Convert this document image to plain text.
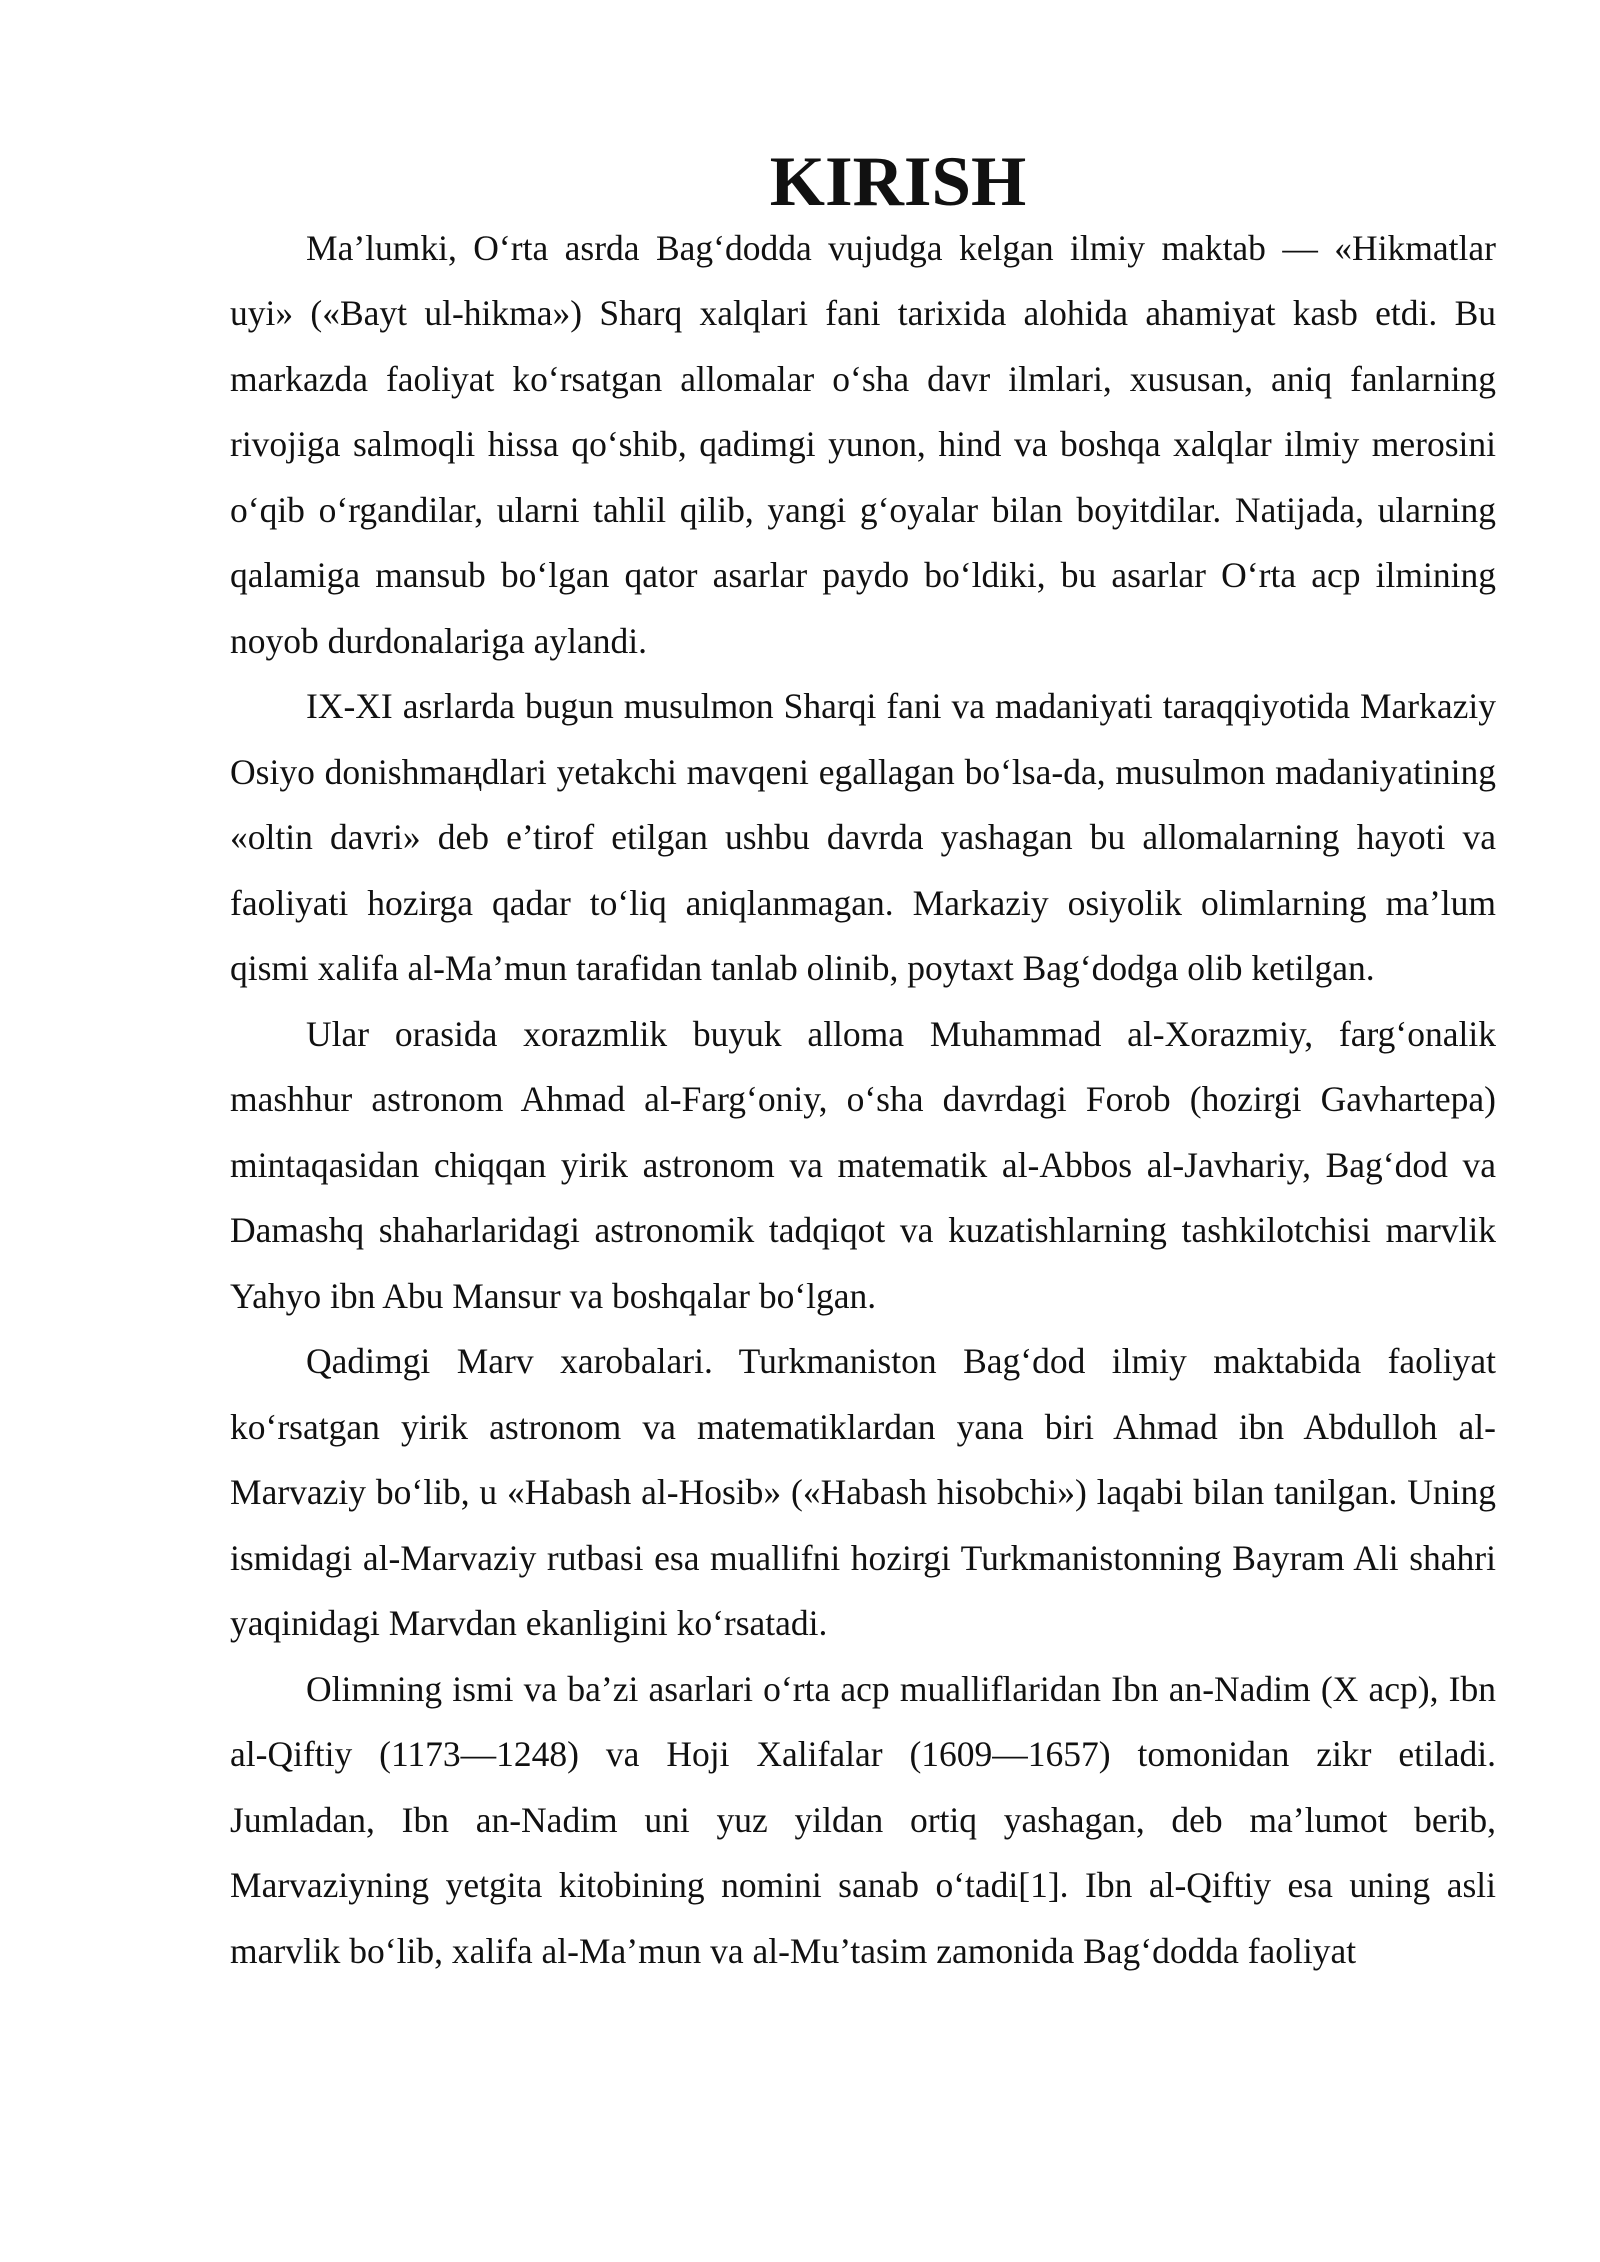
KIRISH

Ma’lumki, O‘rta asrda Bag‘dodda vujudga kelgan ilmiy maktab — «Hikmatlar uyi» («Bayt ul-hikma») Sharq xalqlari fani tarixida alohida ahamiyat kasb etdi. Bu markazda faoliyat ko‘rsatgan allomalar o‘sha davr ilmlari, xususan, aniq fanlarning rivojiga salmoqli hissa qo‘shib, qadimgi yunon, hind va boshqa xalqlar ilmiy merosini o‘qib o‘rgandilar, ularni tahlil qilib, yangi g‘oyalar bilan boyitdilar. Natijada, ularning qalamiga mansub bo‘lgan qator asarlar paydo bo‘ldiki, bu asarlar O‘rta acp ilmining noyob durdonalariga aylandi.

IX-XI asrlarda bugun musulmon Sharqi fani va madaniyati taraqqiyotida Markaziy Osiyo donishmaңdlari yetakchi mavqeni egallagan bo‘lsa-da, musulmon madaniyatining «oltin davri» deb e’tirof etilgan ushbu davrda yashagan bu allomalarning hayoti va faoliyati hozirga qadar to‘liq aniqlanmagan. Markaziy osiyolik olimlarning ma’lum qismi xalifa al-Ma’mun tarafidan tanlab olinib, poytaxt Bag‘dodga olib ketilgan.

Ular orasida xorazmlik buyuk alloma Muhammad al-Xorazmiy, farg‘onalik mashhur astronom Ahmad al-Farg‘oniy, o‘sha davrdagi Forob (hozirgi Gavhartepa) mintaqasidan chiqqan yirik astronom va matematik al-Abbos al-Javhariy, Bag‘dod va Damashq shaharlaridagi astronomik tadqiqot va kuzatishlarning tashkilotchisi marvlik Yahyo ibn Abu Mansur va boshqalar bo‘lgan.

Qadimgi Marv xarobalari. Turkmaniston Bag‘dod ilmiy maktabida faoliyat ko‘rsatgan yirik astronom va matematiklardan yana biri Ahmad ibn Abdulloh al-Marvaziy bo‘lib, u «Habash al-Hosib» («Habash hisobchi») laqabi bilan tanilgan. Uning ismidagi al-Marvaziy rutbasi esa muallifni hozirgi Turkmanistonning Bayram Ali shahri yaqinidagi Marvdan ekanligini ko‘rsatadi.

Olimning ismi va ba’zi asarlari o‘rta acp mualliflaridan Ibn an-Nadim (X acp), Ibn al-Qiftiy (1173—1248) va Hoji Xalifalar (1609—1657) tomonidan zikr etiladi. Jumladan, Ibn an-Nadim uni yuz yildan ortiq yashagan, deb ma’lumot berib, Marvaziyning yetgita kitobining nomini sanab o‘tadi[1]. Ibn al-Qiftiy esa uning asli marvlik bo‘lib, xalifa al-Ma’mun va al-Mu’tasim zamonida Bag‘dodda faoliyat
